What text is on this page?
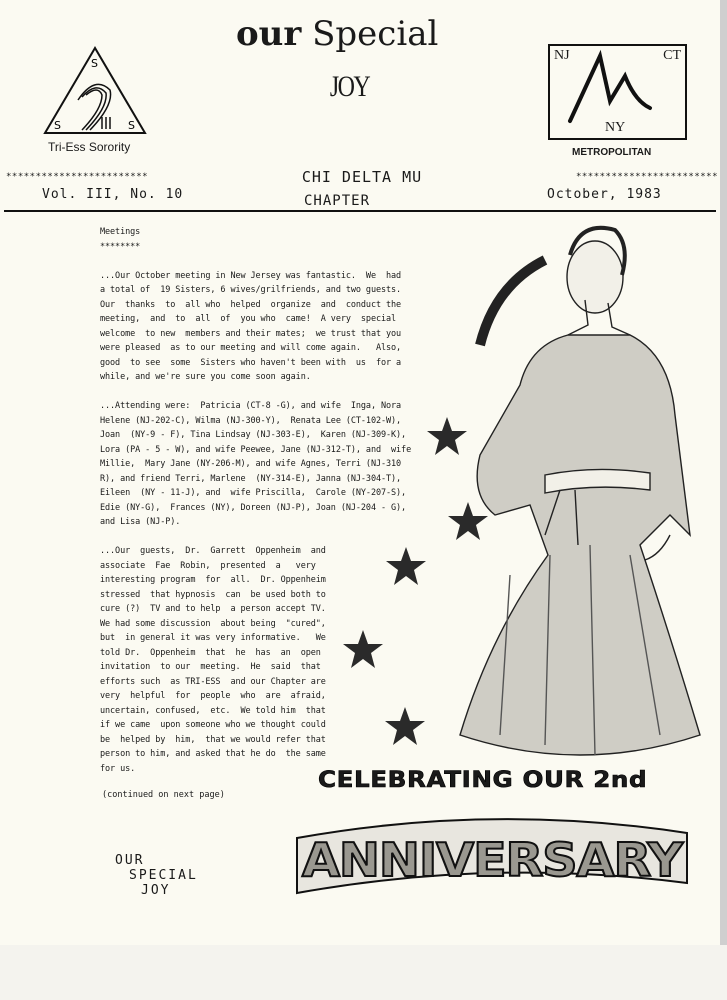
our Special
JOY
S
S	S
Tri-Ess Sorority
NJ	CT
NY
METROPOLITAN
************************	CHI DELTA MU	************************
Vol. III, No. 10	CHAPTER	October, 1983
Meetings
********
...Our October meeting in New Jersey was fantastic.  We  had
a total of  19 Sisters, 6 wives/grilfriends, and two guests.
Our  thanks  to  all who  helped  organize  and  conduct the
meeting,  and  to  all  of  you who  came!  A very  special
welcome  to new  members and their mates;  we trust that you
were pleased  as to our meeting and will come again.   Also,
good  to see  some  Sisters who haven't been with  us  for a
while, and we're sure you come soon again.
...Attending were:  Patricia (CT-8 -G), and wife  Inga, Nora
Helene (NJ-202-C), Wilma (NJ-300-Y),  Renata Lee (CT-102-W),
Joan  (NY-9 - F), Tina Lindsay (NJ-303-E),  Karen (NJ-309-K),
Lora (PA - 5 - W), and wife Peewee, Jane (NJ-312-T), and  wife
Millie,  Mary Jane (NY-206-M), and wife Agnes, Terri (NJ-310
R), and friend Terri, Marlene  (NY-314-E), Janna (NJ-304-T),
Eileen  (NY - 11-J), and  wife Priscilla,  Carole (NY-207-S),
Edie (NY-G),  Frances (NY), Doreen (NJ-P), Joan (NJ-204 - G),
and Lisa (NJ-P).
...Our  guests,  Dr.  Garrett  Oppenheim  and
associate  Fae  Robin,  presented  a   very
interesting program  for  all.  Dr. Oppenheim
stressed  that hypnosis  can  be used both to
cure (?)  TV and to help  a person accept TV.
We had some discussion  about being  "cured",
but  in general it was very informative.   We
told Dr.  Oppenheim  that  he  has  an  open
invitation  to our  meeting.  He  said  that
efforts such  as TRI-ESS  and our Chapter are
very  helpful  for  people  who  are  afraid,
uncertain, confused,  etc.  We told him  that
if we came  upon someone who we thought could
be  helped by  him,  that we would refer that
person to him, and asked that he do  the same
for us.
(continued on next page)
OUR
SPECIAL
JOY
CELEBRATING OUR 2nd
ANNIVERSARY
